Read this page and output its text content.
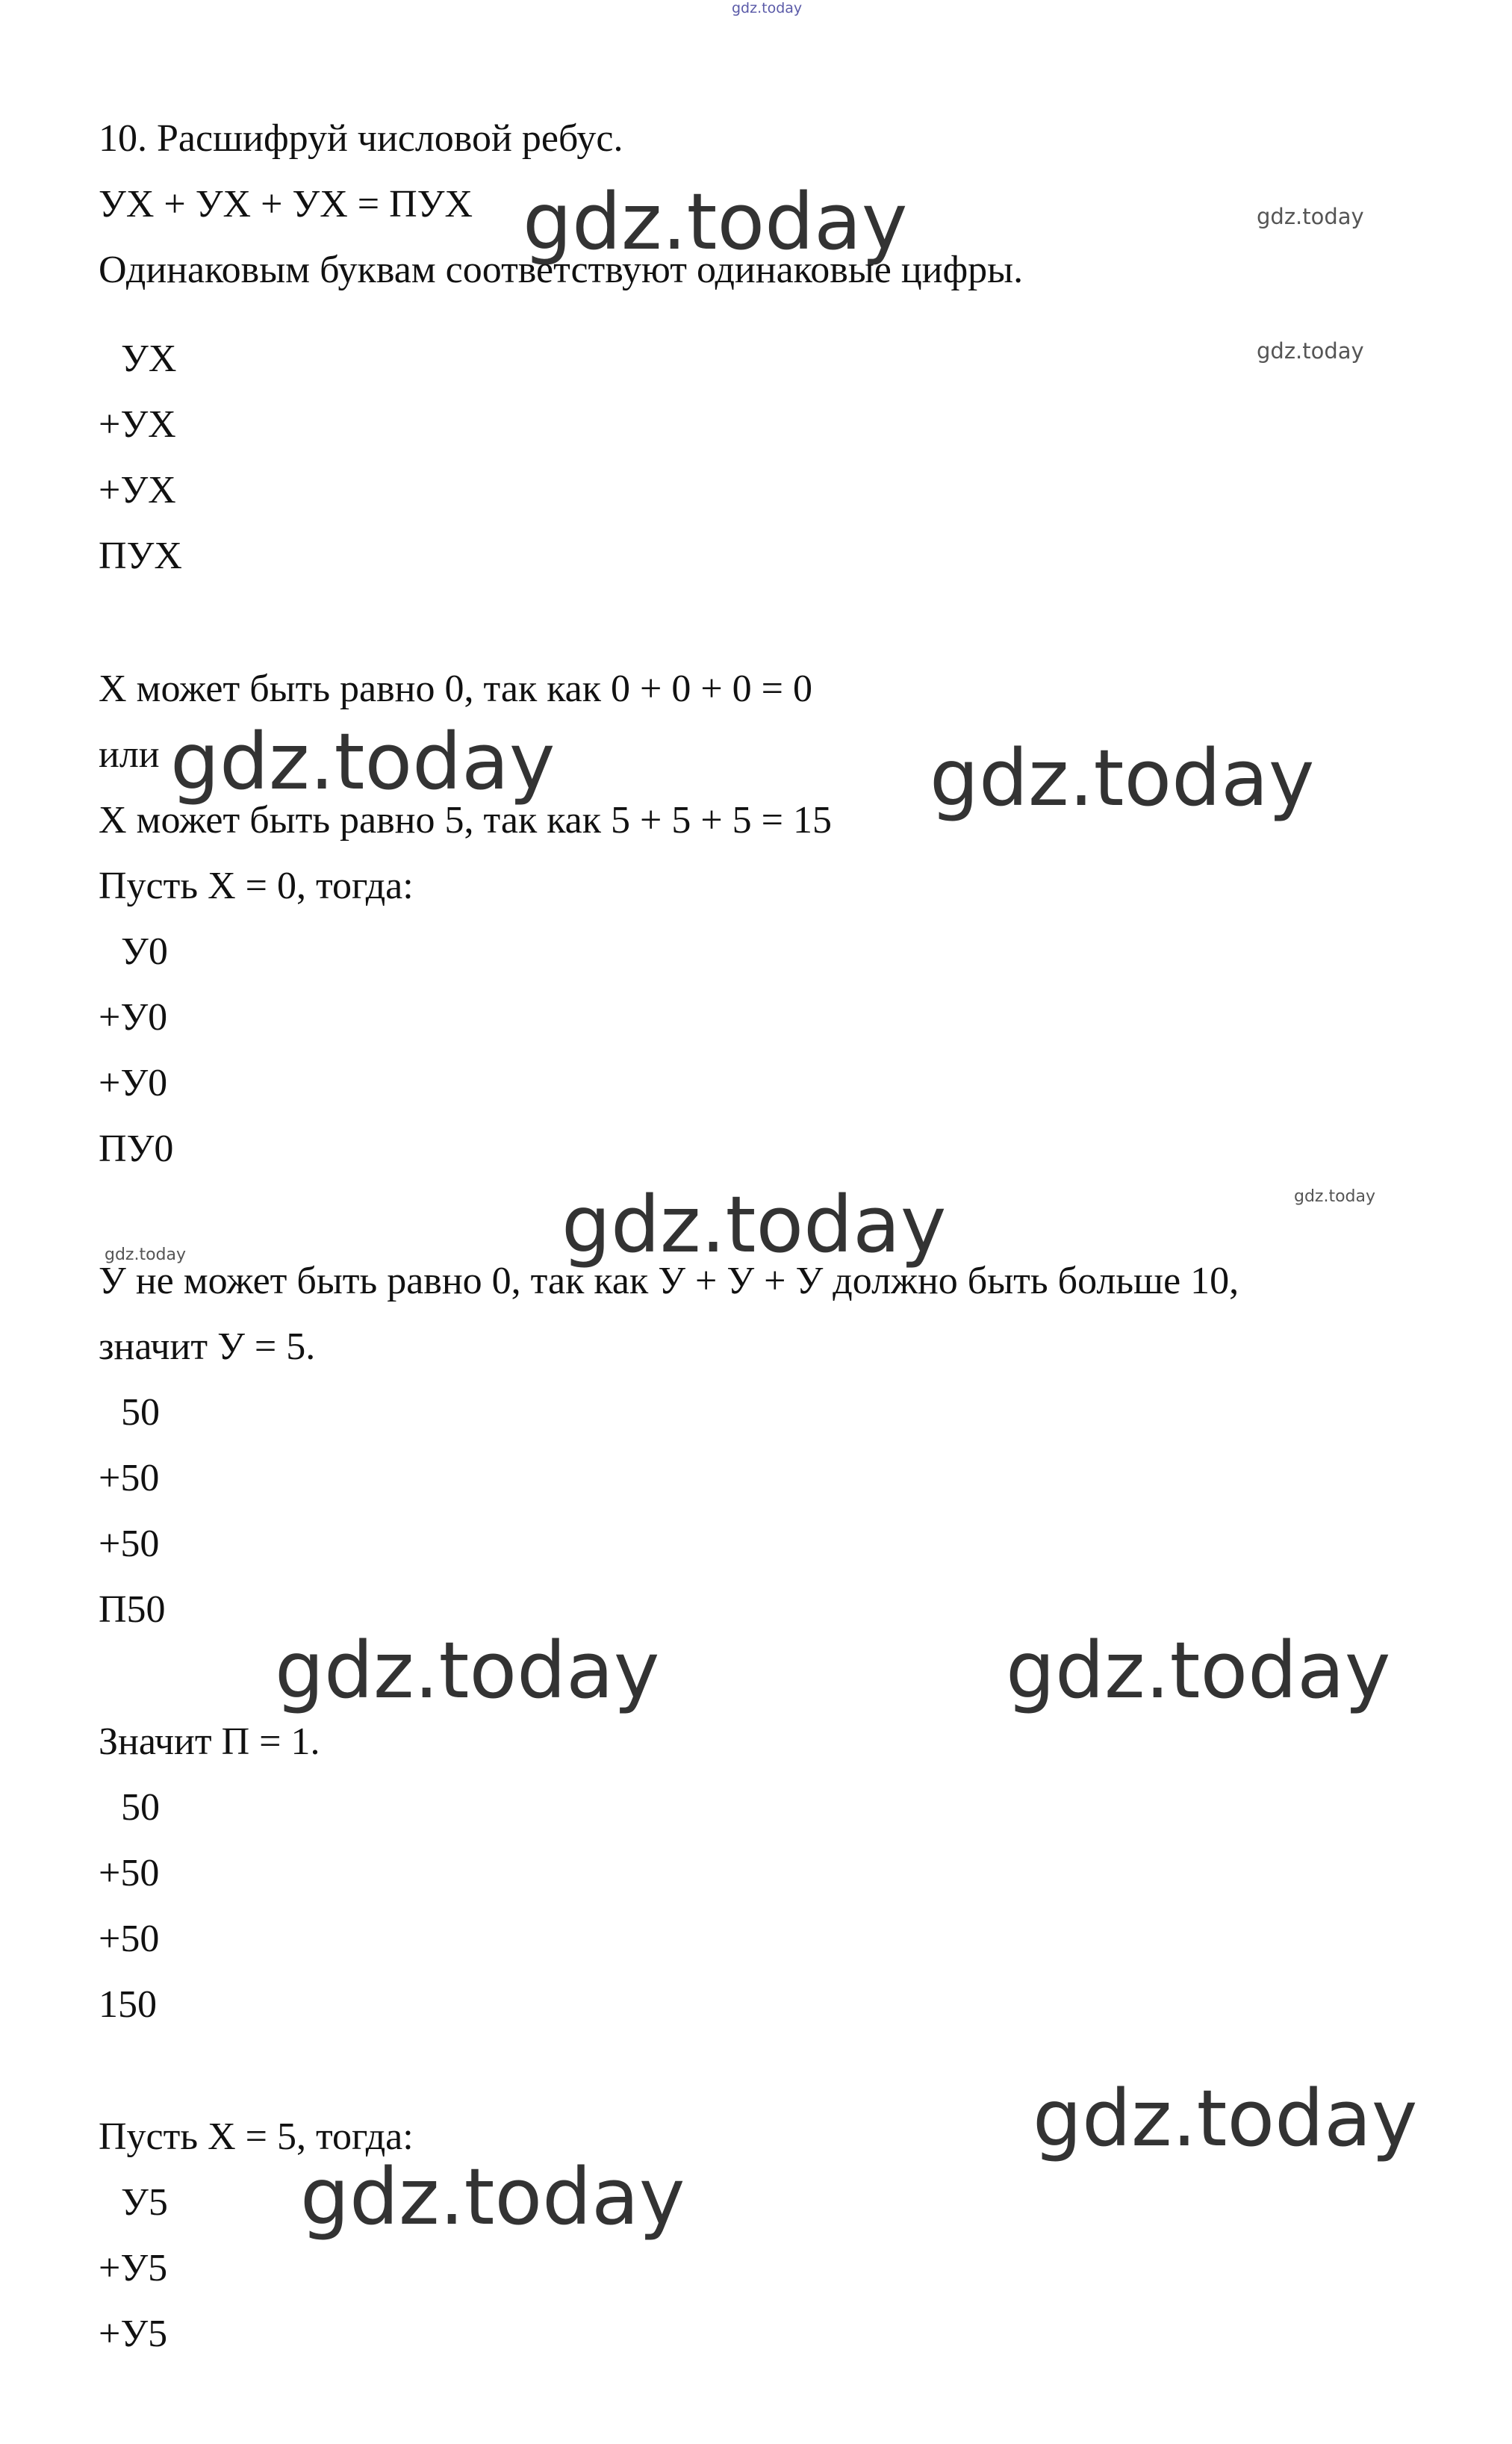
gdz.today
10. Расшифруй числовой ребус.
УХ + УХ + УХ = ПУХ
Одинаковым буквам соответствуют одинаковые цифры.
УХ
+УХ
+УХ
ПУХ
Х может быть равно 0, так как 0 + 0 + 0 = 0
или
Х может быть равно 5, так как 5 + 5 + 5 = 15
Пусть Х = 0, тогда:
У0
+У0
+У0
ПУ0
У не может быть равно 0, так как У + У + У должно быть больше 10,
значит У = 5.
50
+50
+50
П50
Значит П = 1.
50
+50
+50
150
Пусть Х = 5, тогда:
У5
+У5
+У5
gdz.today
gdz.today	gdz.today
gdz.today
gdz.today	gdz.today
gdz.today
gdz.today
gdz.today
gdz.today
gdz.today
gdz.today
